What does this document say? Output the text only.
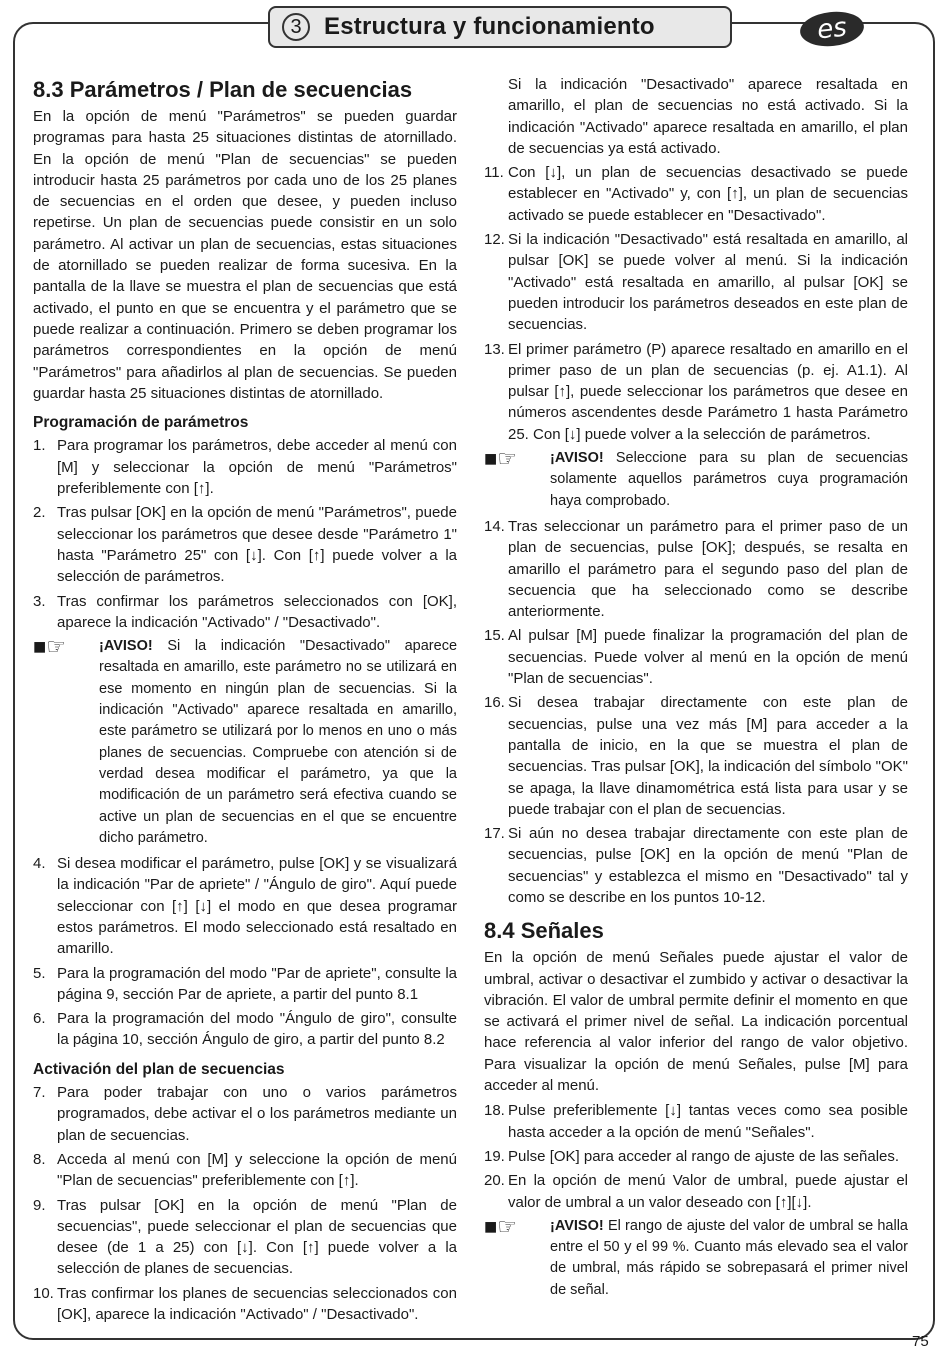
3 Estructura y funcionamiento	es
8.3 Parámetros / Plan de secuencias

En la opción de menú "Parámetros" se pueden guardar programas para hasta 25 situaciones distintas de atornillado. En la opción de menú "Plan de secuencias" se pueden introducir hasta 25 parámetros por cada uno de los 25 planes de secuencias en el orden que desee, y pueden incluso repetirse. Un plan de secuencias puede consistir en un solo parámetro. Al activar un plan de secuencias, estas situaciones de atornillado se pueden realizar de forma sucesiva. En la pantalla de la llave se muestra el plan de secuencias que está activado, el punto en que se encuentra y el parámetro que se puede realizar a continuación. Primero se deben programar los parámetros correspondientes en la opción de menú "Parámetros" para añadirlos al plan de secuencias. Se pueden guardar hasta 25 situaciones distintas de atornillado.

Programación de parámetros
1. Para programar los parámetros, debe acceder al menú con [M] y seleccionar la opción de menú "Parámetros" preferiblemente con [↑].
2. Tras pulsar [OK] en la opción de menú "Parámetros", puede seleccionar los parámetros que desee desde "Parámetro 1" hasta "Parámetro 25" con [↓]. Con [↑] puede volver a la selección de parámetros.
3. Tras confirmar los parámetros seleccionados con [OK], aparece la indicación "Activado" / "Desactivado".
■☞	¡AVISO! Si la indicación "Desactivado" aparece resaltada en amarillo, este parámetro no se utilizará en ese momento en ningún plan de secuencias. Si la indicación "Activado" aparece resaltada en amarillo, este parámetro se utilizará por lo menos en uno o más planes de secuencias. Compruebe con atención si de verdad desea modificar el parámetro, ya que la modificación de un parámetro será efectiva cuando se active un plan de secuencias en el que se encuentre dicho parámetro.
4. Si desea modificar el parámetro, pulse [OK] y se visualizará la indicación "Par de apriete" / "Ángulo de giro". Aquí puede seleccionar con [↑] [↓] el modo en que desea programar estos parámetros. El modo seleccionado está resaltado en amarillo.
5. Para la programación del modo "Par de apriete", consulte la página 9, sección Par de apriete, a partir del punto 8.1
6. Para la programación del modo "Ángulo de giro", consulte la página 10, sección Ángulo de giro, a partir del punto 8.2
Activación del plan de secuencias
7. Para poder trabajar con uno o varios parámetros programados, debe activar el o los parámetros mediante un plan de secuencias.
8. Acceda al menú con [M] y seleccione la opción de menú "Plan de secuencias" preferiblemente con [↑].
9. Tras pulsar [OK] en la opción de menú "Plan de secuencias", puede seleccionar el plan de secuencias que desee (de 1 a 25) con [↓]. Con [↑] puede volver a la selección de planes de secuencias.
10. Tras confirmar los planes de secuencias seleccionados con [OK], aparece la indicación "Activado" / "Desactivado".

Si la indicación "Desactivado" aparece resaltada en amarillo, el plan de secuencias no está activado. Si la indicación "Activado" aparece resaltada en amarillo, el plan de secuencias ya está activado.

11. Con [↓], un plan de secuencias desactivado se puede establecer en "Activado" y, con [↑], un plan de secuencias activado se puede establecer en "Desactivado".
12. Si la indicación "Desactivado" está resaltada en amarillo, al pulsar [OK] se puede volver al menú. Si la indicación "Activado" está resaltada en amarillo, al pulsar [OK] se pueden introducir los parámetros deseados en este plan de secuencias.
13. El primer parámetro (P) aparece resaltado en amarillo en el primer paso de un plan de secuencias (p. ej. A1.1). Al pulsar [↑], puede seleccionar los parámetros que desee en números ascendentes desde Parámetro 1 hasta Parámetro 25. Con [↓] puede volver a la selección de parámetros.
■☞	¡AVISO! Seleccione para su plan de secuencias solamente aquellos parámetros cuya programación haya comprobado.
14. Tras seleccionar un parámetro para el primer paso de un plan de secuencias, pulse [OK]; después, se resalta en amarillo el parámetro para el segundo paso del plan de secuencia que ha seleccionado como se describe anteriormente.
15. Al pulsar [M] puede finalizar la programación del plan de secuencias. Puede volver al menú en la opción de menú "Plan de secuencias".
16. Si desea trabajar directamente con este plan de secuencias, pulse una vez más [M] para acceder a la pantalla de inicio, en la que se muestra el plan de secuencias. Tras pulsar [OK], la indicación del símbolo "OK" se apaga, la llave dinamométrica está lista para usar y se puede trabajar con el plan de secuencias.
17. Si aún no desea trabajar directamente con este plan de secuencias, pulse [OK] en la opción de menú "Plan de secuencias" y establezca el mismo en "Desactivado" tal y como se describe en los puntos 10-12.
8.4 Señales

En la opción de menú Señales puede ajustar el valor de umbral, activar o desactivar el zumbido y activar o desactivar la vibración. El valor de umbral permite definir el momento en que se activará el primer nivel de señal. La indicación porcentual hace referencia al valor inferior del rango de valor objetivo. Para visualizar la opción de menú Señales, pulse [M] para acceder al menú.

18. Pulse preferiblemente [↓] tantas veces como sea posible hasta acceder a la opción de menú "Señales".
19. Pulse [OK] para acceder al rango de ajuste de las señales.
20. En la opción de menú Valor de umbral, puede ajustar el valor de umbral a un valor deseado con [↑][↓].
■☞	¡AVISO! El rango de ajuste del valor de umbral se halla entre el 50 y el 99 %. Cuanto más elevado sea el valor de umbral, más rápido se sobrepasará el primer nivel de señal.
75
